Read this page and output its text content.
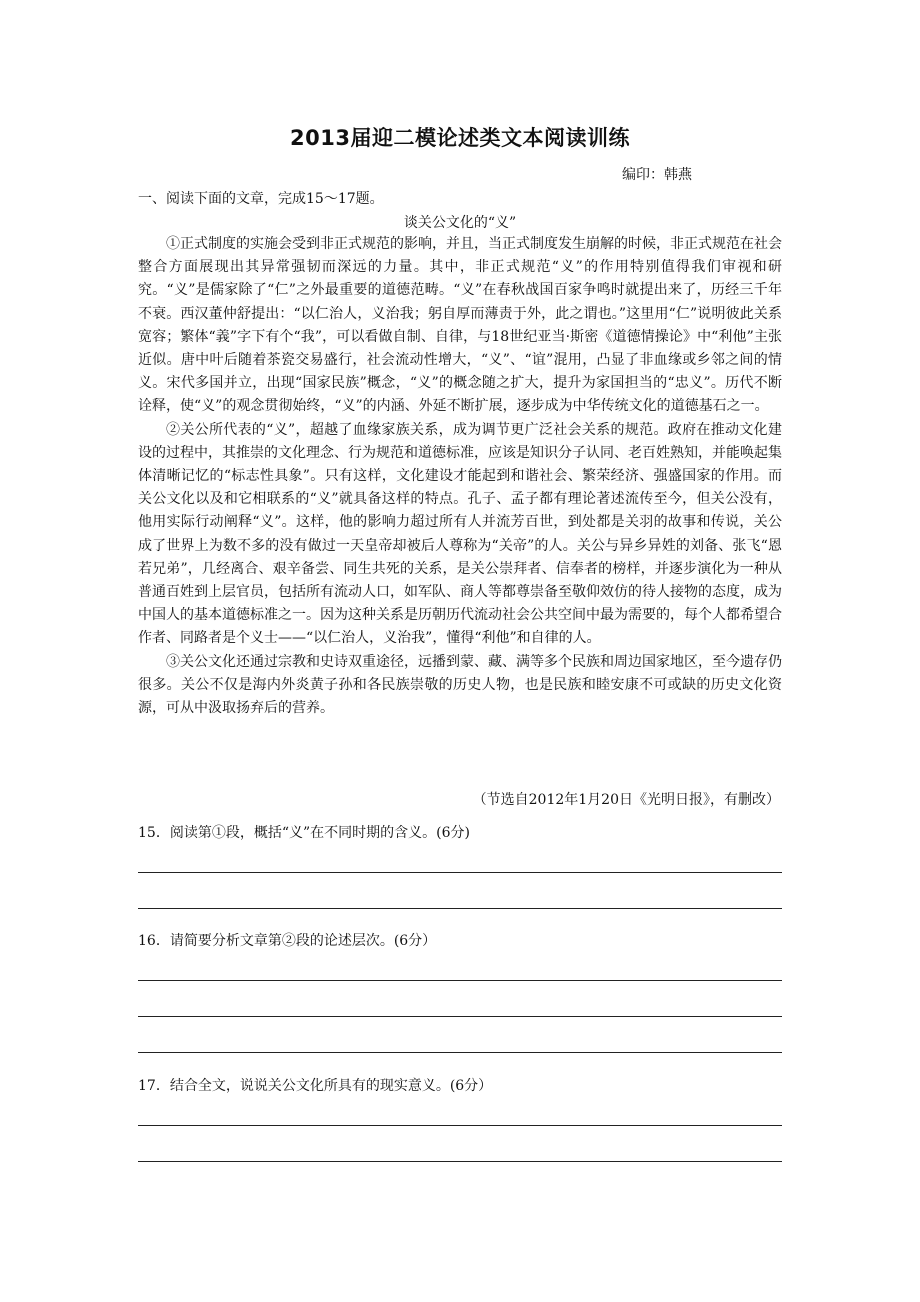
2013届迎二模论述类文本阅读训练
编印：韩燕
一、阅读下面的文章，完成15～17题。
谈关公文化的“义”

①正式制度的实施会受到非正式规范的影响，并且，当正式制度发生崩解的时候，非正式规范在社会整合方面展现出其异常强韧而深远的力量。其中，非正式规范“义”的作用特别值得我们审视和研究。“义”是儒家除了“仁”之外最重要的道德范畴。“义”在春秋战国百家争鸣时就提出来了，历经三千年不衰。西汉董仲舒提出：“以仁治人，义治我；躬自厚而薄责于外，此之谓也。”这里用“仁”说明彼此关系宽容；繁体“義”字下有个“我”，可以看做自制、自律，与18世纪亚当·斯密《道德情操论》中“利他”主张近似。唐中叶后随着茶瓷交易盛行，社会流动性增大，“义”、“谊”混用，凸显了非血缘或乡邻之间的情义。宋代多国并立，出现“国家民族”概念，“义”的概念随之扩大，提升为家国担当的“忠义”。历代不断诠释，使“义”的观念贯彻始终，“义”的内涵、外延不断扩展，逐步成为中华传统文化的道德基石之一。

②关公所代表的“义”，超越了血缘家族关系，成为调节更广泛社会关系的规范。政府在推动文化建设的过程中，其推崇的文化理念、行为规范和道德标准，应该是知识分子认同、老百姓熟知，并能唤起集体清晰记忆的“标志性具象”。只有这样，文化建设才能起到和谐社会、繁荣经济、强盛国家的作用。而关公文化以及和它相联系的“义”就具备这样的特点。孔子、孟子都有理论著述流传至今，但关公没有，他用实际行动阐释“义”。这样，他的影响力超过所有人并流芳百世，到处都是关羽的故事和传说，关公成了世界上为数不多的没有做过一天皇帝却被后人尊称为“关帝”的人。关公与异乡异姓的刘备、张飞“恩若兄弟”，几经离合、艰辛备尝、同生共死的关系，是关公崇拜者、信奉者的榜样，并逐步演化为一种从普通百姓到上层官员，包括所有流动人口，如军队、商人等都尊崇备至敬仰效仿的待人接物的态度，成为中国人的基本道德标准之一。因为这种关系是历朝历代流动社会公共空间中最为需要的，每个人都希望合作者、同路者是个义士——“以仁治人，义治我”，懂得“利他”和自律的人。

③关公文化还通过宗教和史诗双重途径，远播到蒙、藏、满等多个民族和周边国家地区，至今遗存仍很多。关公不仅是海内外炎黄子孙和各民族崇敬的历史人物，也是民族和睦安康不可或缺的历史文化资源，可从中汲取扬弃后的营养。

（节选自2012年1月20日《光明日报》，有删改）
15．阅读第①段，概括“义”在不同时期的含义。(6分)
16．请简要分析文章第②段的论述层次。(6分）
17．结合全文，说说关公文化所具有的现实意义。(6分）
